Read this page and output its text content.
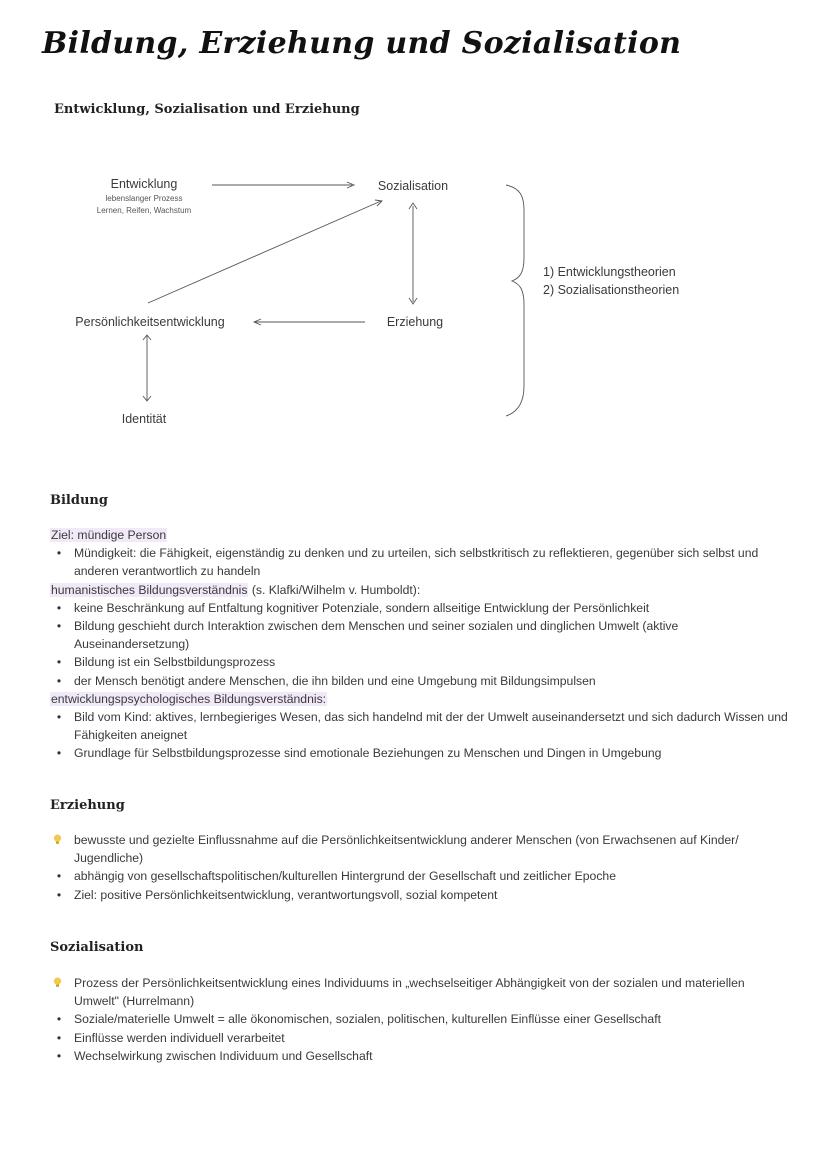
Bildung, Erziehung und Sozialisation
Entwicklung, Sozialisation und Erziehung
Entwicklung
lebenslanger Prozess
Lernen, Reifen, Wachstum
Sozialisation
Persönlichkeitsentwicklung	Erziehung
Identität
1) Entwicklungstheorien
2) Sozialisationstheorien
Bildung
Ziel: mündige Person
• Mündigkeit: die Fähigkeit, eigenständig zu denken und zu urteilen, sich selbstkritisch zu reflektieren, gegenüber sich selbst und anderen verantwortlich zu handeln
humanistisches Bildungsverständnis (s. Klafki/Wilhelm v. Humboldt):
• keine Beschränkung auf Entfaltung kognitiver Potenziale, sondern allseitige Entwicklung der Persönlichkeit
• Bildung geschieht durch Interaktion zwischen dem Menschen und seiner sozialen und dinglichen Umwelt (aktive Auseinandersetzung)
• Bildung ist ein Selbstbildungsprozess
• der Mensch benötigt andere Menschen, die ihn bilden und eine Umgebung mit Bildungsimpulsen
entwicklungspsychologisches Bildungsverständnis:
• Bild vom Kind: aktives, lernbegieriges Wesen, das sich handelnd mit der der Umwelt auseinandersetzt und sich dadurch Wissen und Fähigkeiten aneignet
• Grundlage für Selbstbildungsprozesse sind emotionale Beziehungen zu Menschen und Dingen in Umgebung
Erziehung
bewusste und gezielte Einflussnahme auf die Persönlichkeitsentwicklung anderer Menschen (von Erwachsenen auf Kinder/ Jugendliche)
• abhängig von gesellschaftspolitischen/kulturellen Hintergrund der Gesellschaft und zeitlicher Epoche
• Ziel: positive Persönlichkeitsentwicklung, verantwortungsvoll, sozial kompetent
Sozialisation
Prozess der Persönlichkeitsentwicklung eines Individuums in „wechselseitiger Abhängigkeit von der sozialen und materiellen Umwelt" (Hurrelmann)
• Soziale/materielle Umwelt = alle ökonomischen, sozialen, politischen, kulturellen Einflüsse einer Gesellschaft
• Einflüsse werden individuell verarbeitet
• Wechselwirkung zwischen Individuum und Gesellschaft
